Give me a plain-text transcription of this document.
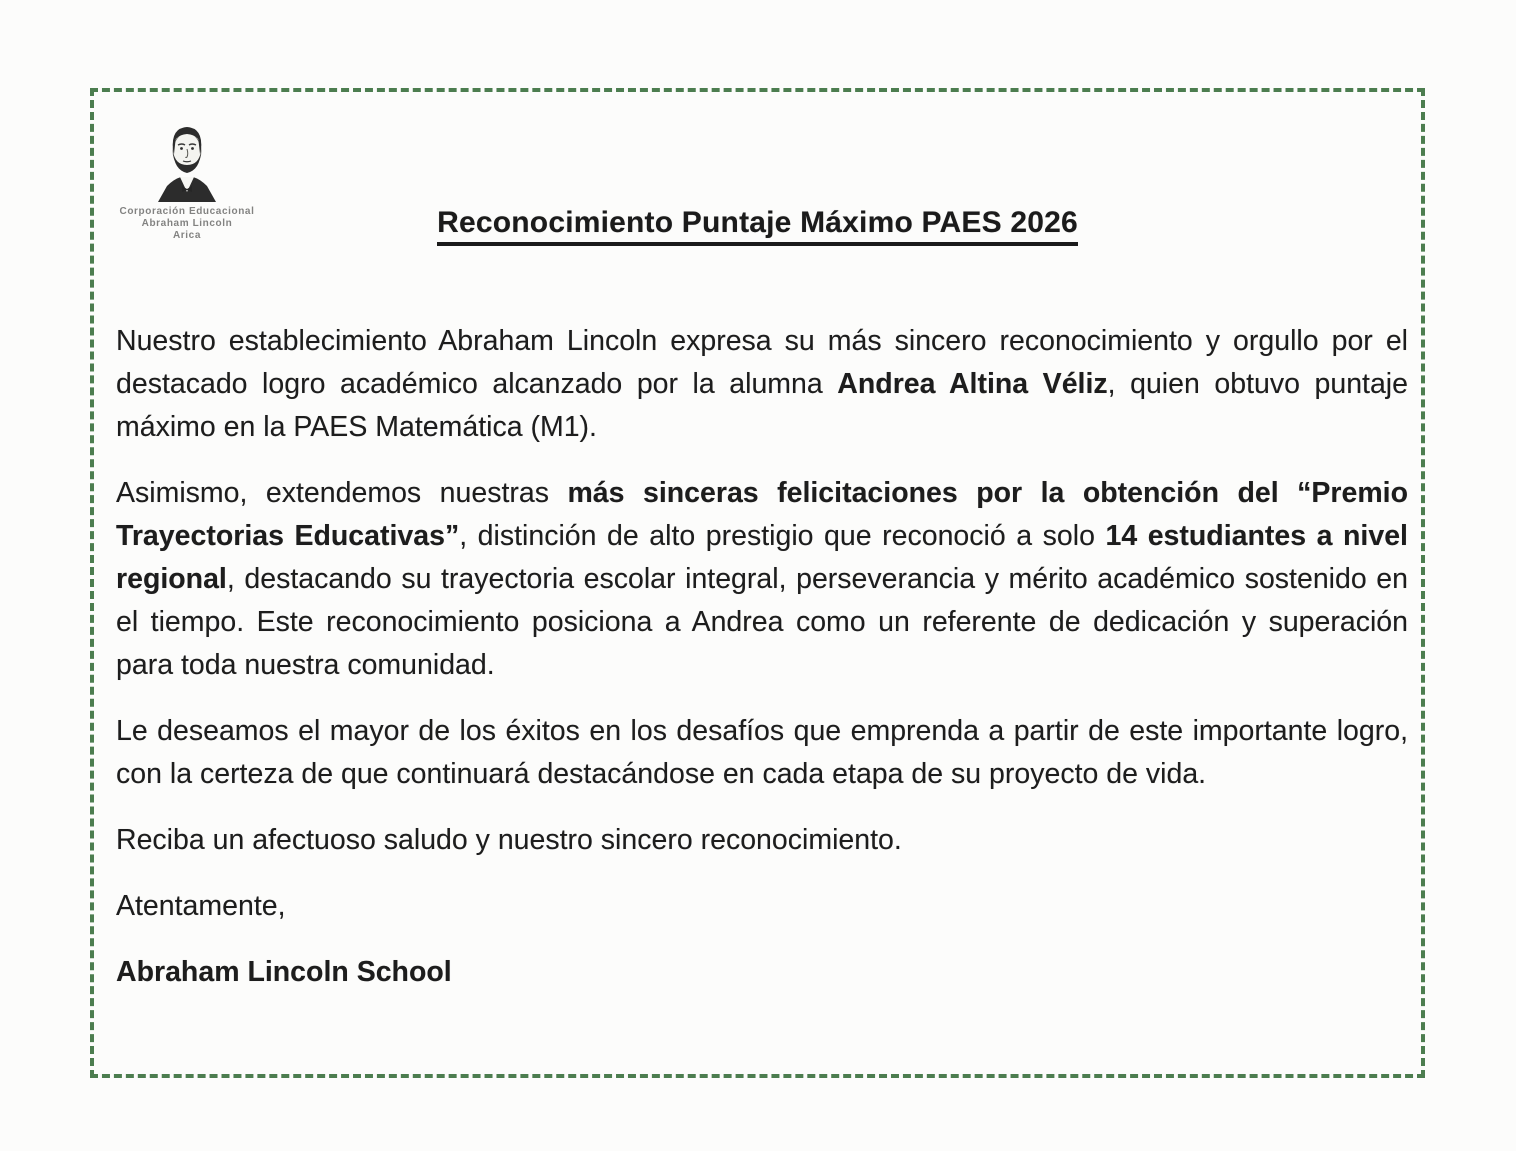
Corporación Educacional
Abraham Lincoln
Arica	Reconocimiento Puntaje Máximo PAES 2026

Nuestro establecimiento Abraham Lincoln expresa su más sincero reconocimiento y orgullo por el destacado logro académico alcanzado por la alumna Andrea Altina Véliz, quien obtuvo puntaje máximo en la PAES Matemática (M1).

Asimismo, extendemos nuestras más sinceras felicitaciones por la obtención del “Premio Trayectorias Educativas”, distinción de alto prestigio que reconoció a solo 14 estudiantes a nivel regional, destacando su trayectoria escolar integral, perseverancia y mérito académico sostenido en el tiempo. Este reconocimiento posiciona a Andrea como un referente de dedicación y superación para toda nuestra comunidad.

Le deseamos el mayor de los éxitos en los desafíos que emprenda a partir de este importante logro, con la certeza de que continuará destacándose en cada etapa de su proyecto de vida.

Reciba un afectuoso saludo y nuestro sincero reconocimiento.

Atentamente,

Abraham Lincoln School
